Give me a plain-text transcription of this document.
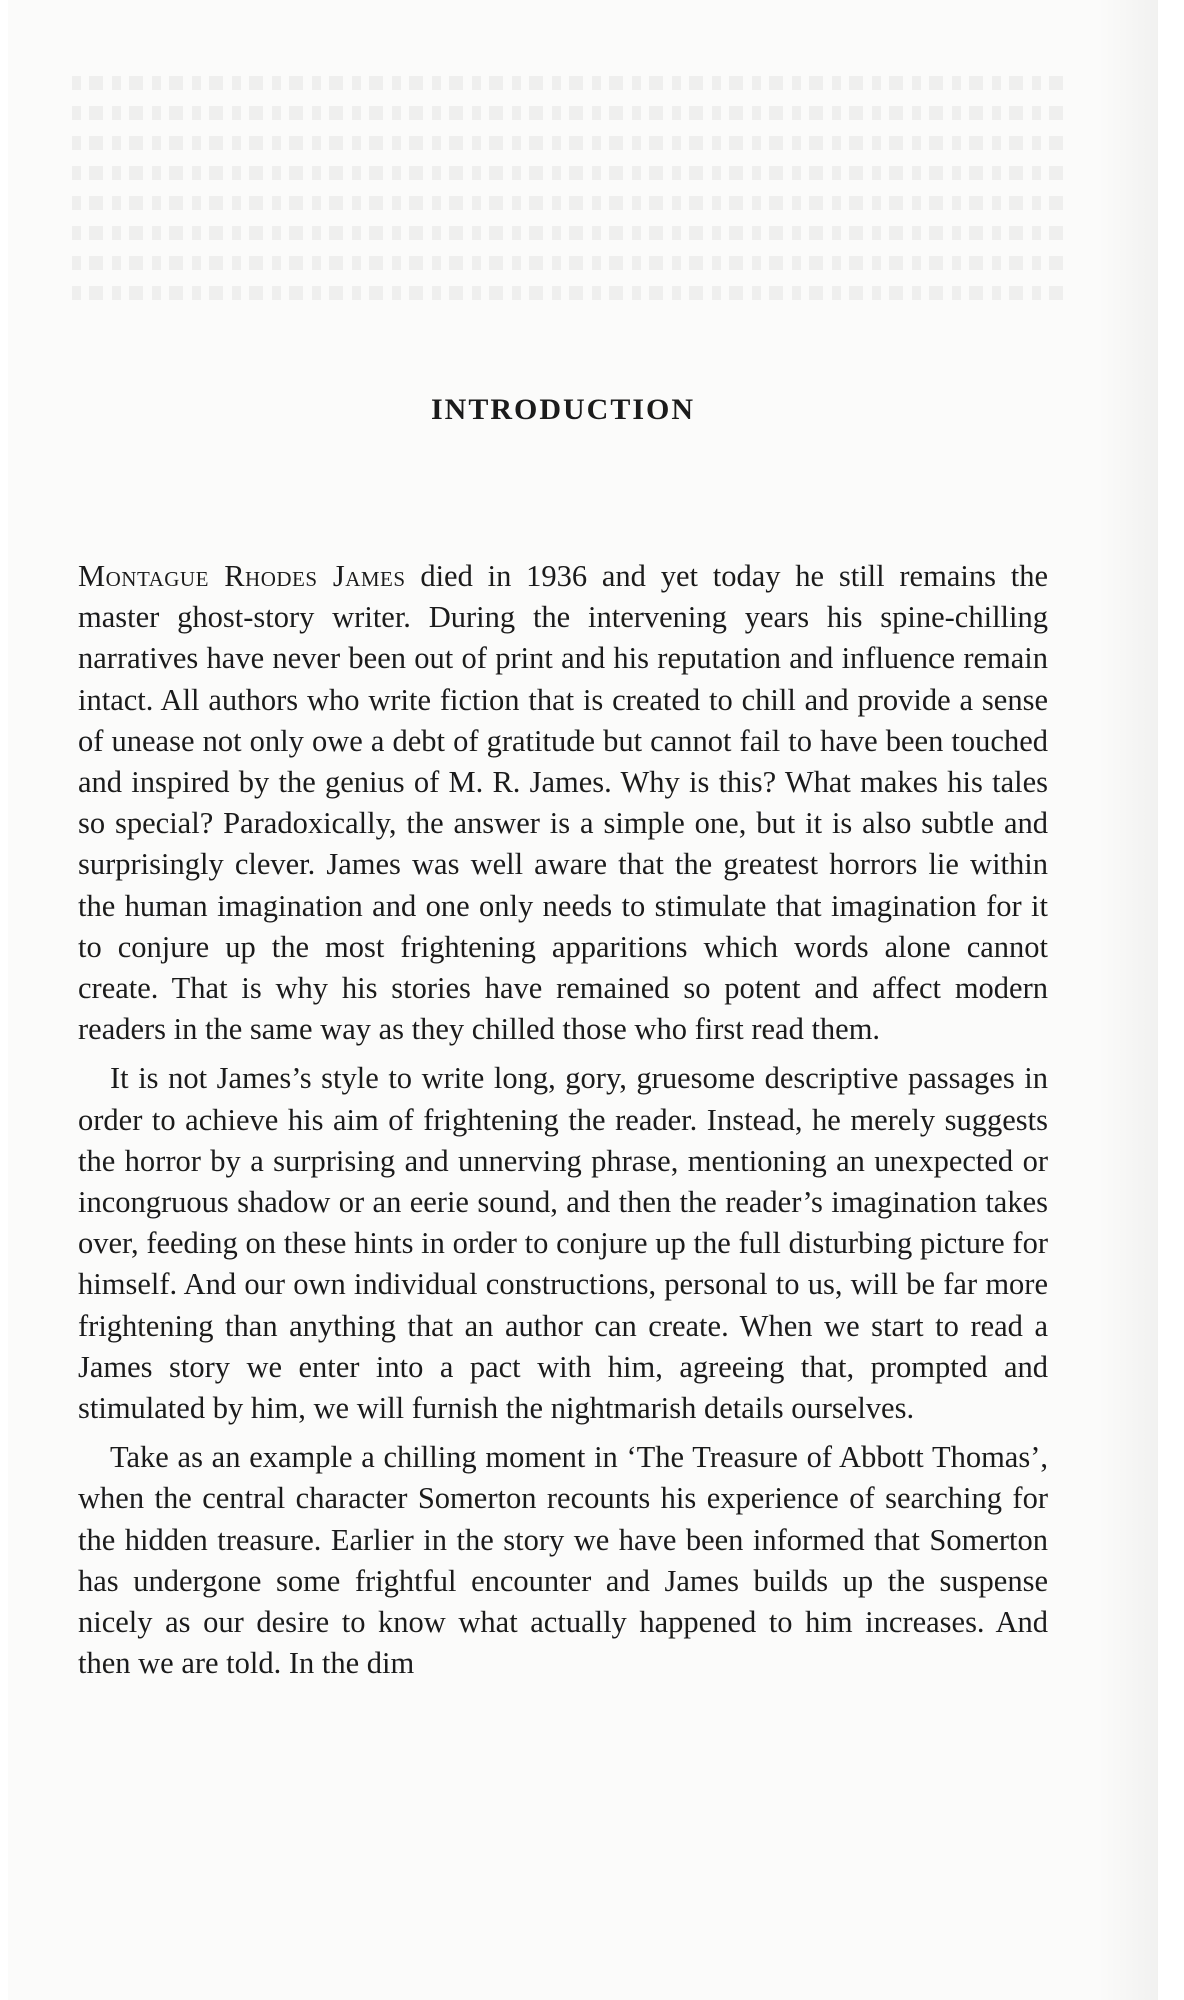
INTRODUCTION

Montague Rhodes James died in 1936 and yet today he still remains the master ghost-story writer. During the intervening years his spine-chilling narratives have never been out of print and his reputation and influence remain intact. All authors who write fiction that is created to chill and provide a sense of unease not only owe a debt of gratitude but cannot fail to have been touched and inspired by the genius of M. R. James. Why is this? What makes his tales so special? Paradoxically, the answer is a simple one, but it is also subtle and surprisingly clever. James was well aware that the greatest horrors lie within the human imagination and one only needs to stimulate that imagination for it to conjure up the most frightening apparitions which words alone cannot create. That is why his stories have remained so potent and affect modern readers in the same way as they chilled those who first read them.

It is not James’s style to write long, gory, gruesome descriptive passages in order to achieve his aim of frightening the reader. Instead, he merely suggests the horror by a surprising and unnerving phrase, mentioning an unexpected or incongruous shadow or an eerie sound, and then the reader’s imagination takes over, feeding on these hints in order to conjure up the full disturbing picture for himself. And our own individual constructions, personal to us, will be far more frightening than anything that an author can create. When we start to read a James story we enter into a pact with him, agreeing that, prompted and stimulated by him, we will furnish the nightmarish details ourselves.

Take as an example a chilling moment in ‘The Treasure of Abbott Thomas’, when the central character Somerton recounts his experience of searching for the hidden treasure. Earlier in the story we have been informed that Somerton has undergone some frightful encounter and James builds up the suspense nicely as our desire to know what actually happened to him increases. And then we are told. In the dim
